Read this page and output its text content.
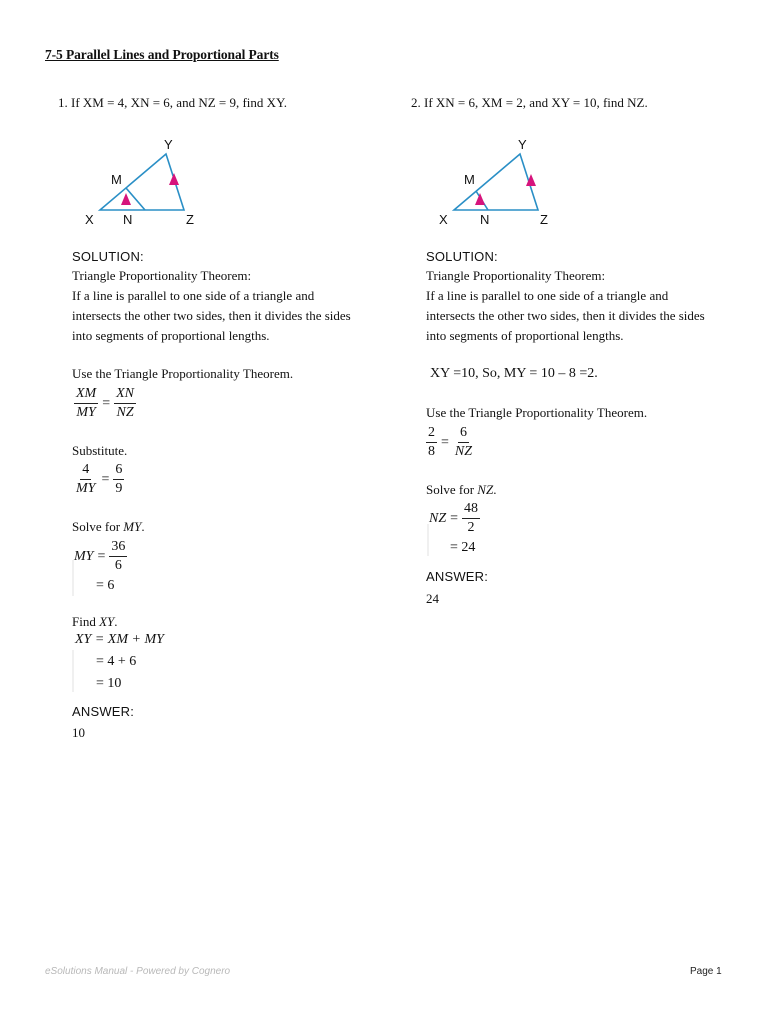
7-5 Parallel Lines and Proportional Parts
1. If XM = 4, XN = 6, and NZ = 9, find XY.
Y
M
X N	Z
SOLUTION:
Triangle Proportionality Theorem:
If a line is parallel to one side of a triangle and
intersects the other two sides, then it divides the sides
into segments of proportional lengths.
Use the Triangle Proportionality Theorem.
$\frac{XM}{MY} = \frac{XN}{NZ}$
Substitute.
$\frac{4}{MY} = \frac{6}{9}$
Solve for MY.
MY = $\frac{36}{6}$
= 6
Find XY.
XY = XM + MY
= 4 + 6
= 10
ANSWER:
10
2. If XN = 6, XM = 2, and XY = 10, find NZ.
Y
M
X N	Z
SOLUTION:
Triangle Proportionality Theorem:
If a line is parallel to one side of a triangle and
intersects the other two sides, then it divides the sides
into segments of proportional lengths.
XY =10, So, MY = 10 – 8 =2.
Use the Triangle Proportionality Theorem.
$\frac{2}{8} = \frac{6}{NZ}$
Solve for NZ.
NZ = $\frac{48}{2}$
= 24
ANSWER:
24
eSolutions Manual - Powered by Cognero	Page 1
